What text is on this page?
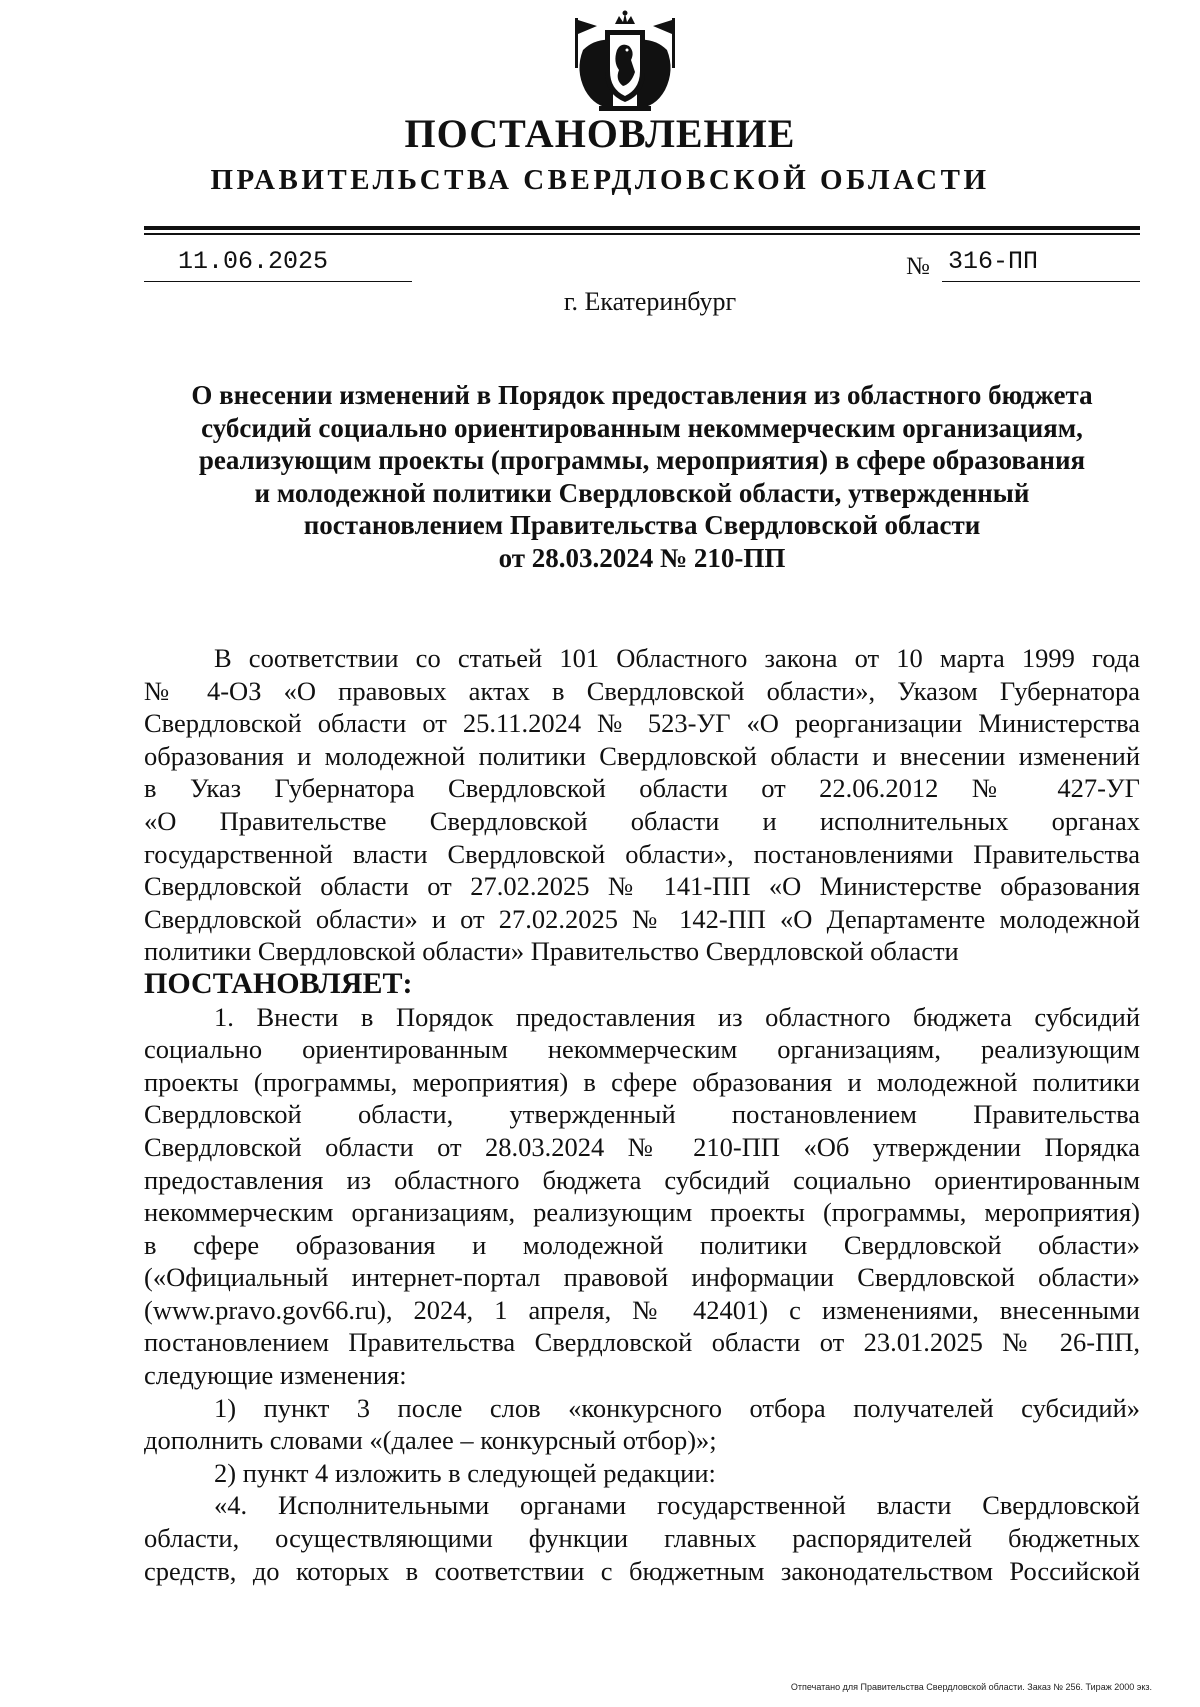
ПОСТАНОВЛЕНИЕ
ПРАВИТЕЛЬСТВА СВЕРДЛОВСКОЙ ОБЛАСТИ
11.06.2025	№ 316-ПП
г. Екатеринбург
О внесении изменений в Порядок предоставления из областного бюджета
субсидий социально ориентированным некоммерческим организациям,
реализующим проекты (программы, мероприятия) в сфере образования
и молодежной политики Свердловской области, утвержденный
постановлением Правительства Свердловской области
от 28.03.2024 № 210-ПП
В соответствии со статьей 101 Областного закона от 10 марта 1999 года
№ 4-ОЗ «О правовых актах в Свердловской области», Указом Губернатора
Свердловской области от 25.11.2024 № 523-УГ «О реорганизации Министерства
образования и молодежной политики Свердловской области и внесении изменений
в Указ Губернатора Свердловской области от 22.06.2012 № 427-УГ
«О Правительстве Свердловской области и исполнительных органах
государственной власти Свердловской области», постановлениями Правительства
Свердловской области от 27.02.2025 № 141-ПП «О Министерстве образования
Свердловской области» и от 27.02.2025 № 142-ПП «О Департаменте молодежной
политики Свердловской области» Правительство Свердловской области
ПОСТАНОВЛЯЕТ:
1. Внести в Порядок предоставления из областного бюджета субсидий
социально ориентированным некоммерческим организациям, реализующим
проекты (программы, мероприятия) в сфере образования и молодежной политики
Свердловской области, утвержденный постановлением Правительства
Свердловской области от 28.03.2024 № 210-ПП «Об утверждении Порядка
предоставления из областного бюджета субсидий социально ориентированным
некоммерческим организациям, реализующим проекты (программы, мероприятия)
в сфере образования и молодежной политики Свердловской области»
(«Официальный интернет-портал правовой информации Свердловской области»
(www.pravo.gov66.ru), 2024, 1 апреля, № 42401) с изменениями, внесенными
постановлением Правительства Свердловской области от 23.01.2025 № 26-ПП,
следующие изменения:
1) пункт 3 после слов «конкурсного отбора получателей субсидий»
дополнить словами «(далее – конкурсный отбор)»;
2) пункт 4 изложить в следующей редакции:
«4. Исполнительными органами государственной власти Свердловской
области, осуществляющими функции главных распорядителей бюджетных
средств, до которых в соответствии с бюджетным законодательством Российской
Отпечатано для Правительства Свердловской области. Заказ № 256. Тираж 2000 экз.
